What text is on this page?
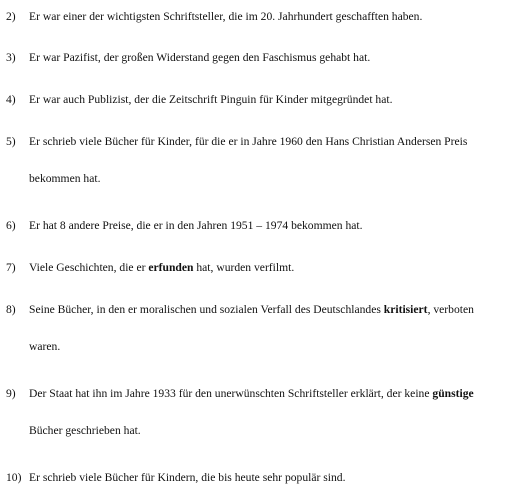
2) Er war einer der wichtigsten Schriftsteller, die im 20. Jahrhundert geschafften haben.
3) Er war Pazifist, der großen Widerstand gegen den Faschismus gehabt hat.
4) Er war auch Publizist, der die Zeitschrift Pinguin für Kinder mitgegründet hat.
5) Er schrieb viele Bücher für Kinder, für die er in Jahre 1960 den Hans Christian Andersen Preis
bekommen hat.
6) Er hat 8 andere Preise, die er in den Jahren 1951 – 1974 bekommen hat.
7) Viele Geschichten, die er erfunden hat, wurden verfilmt.
8) Seine Bücher, in den er moralischen und sozialen Verfall des Deutschlandes kritisiert, verboten
waren.
9) Der Staat hat ihn im Jahre 1933 für den unerwünschten Schriftsteller erklärt, der keine günstige
Bücher geschrieben hat.
10) Er schrieb viele Bücher für Kindern, die bis heute sehr populär sind.
